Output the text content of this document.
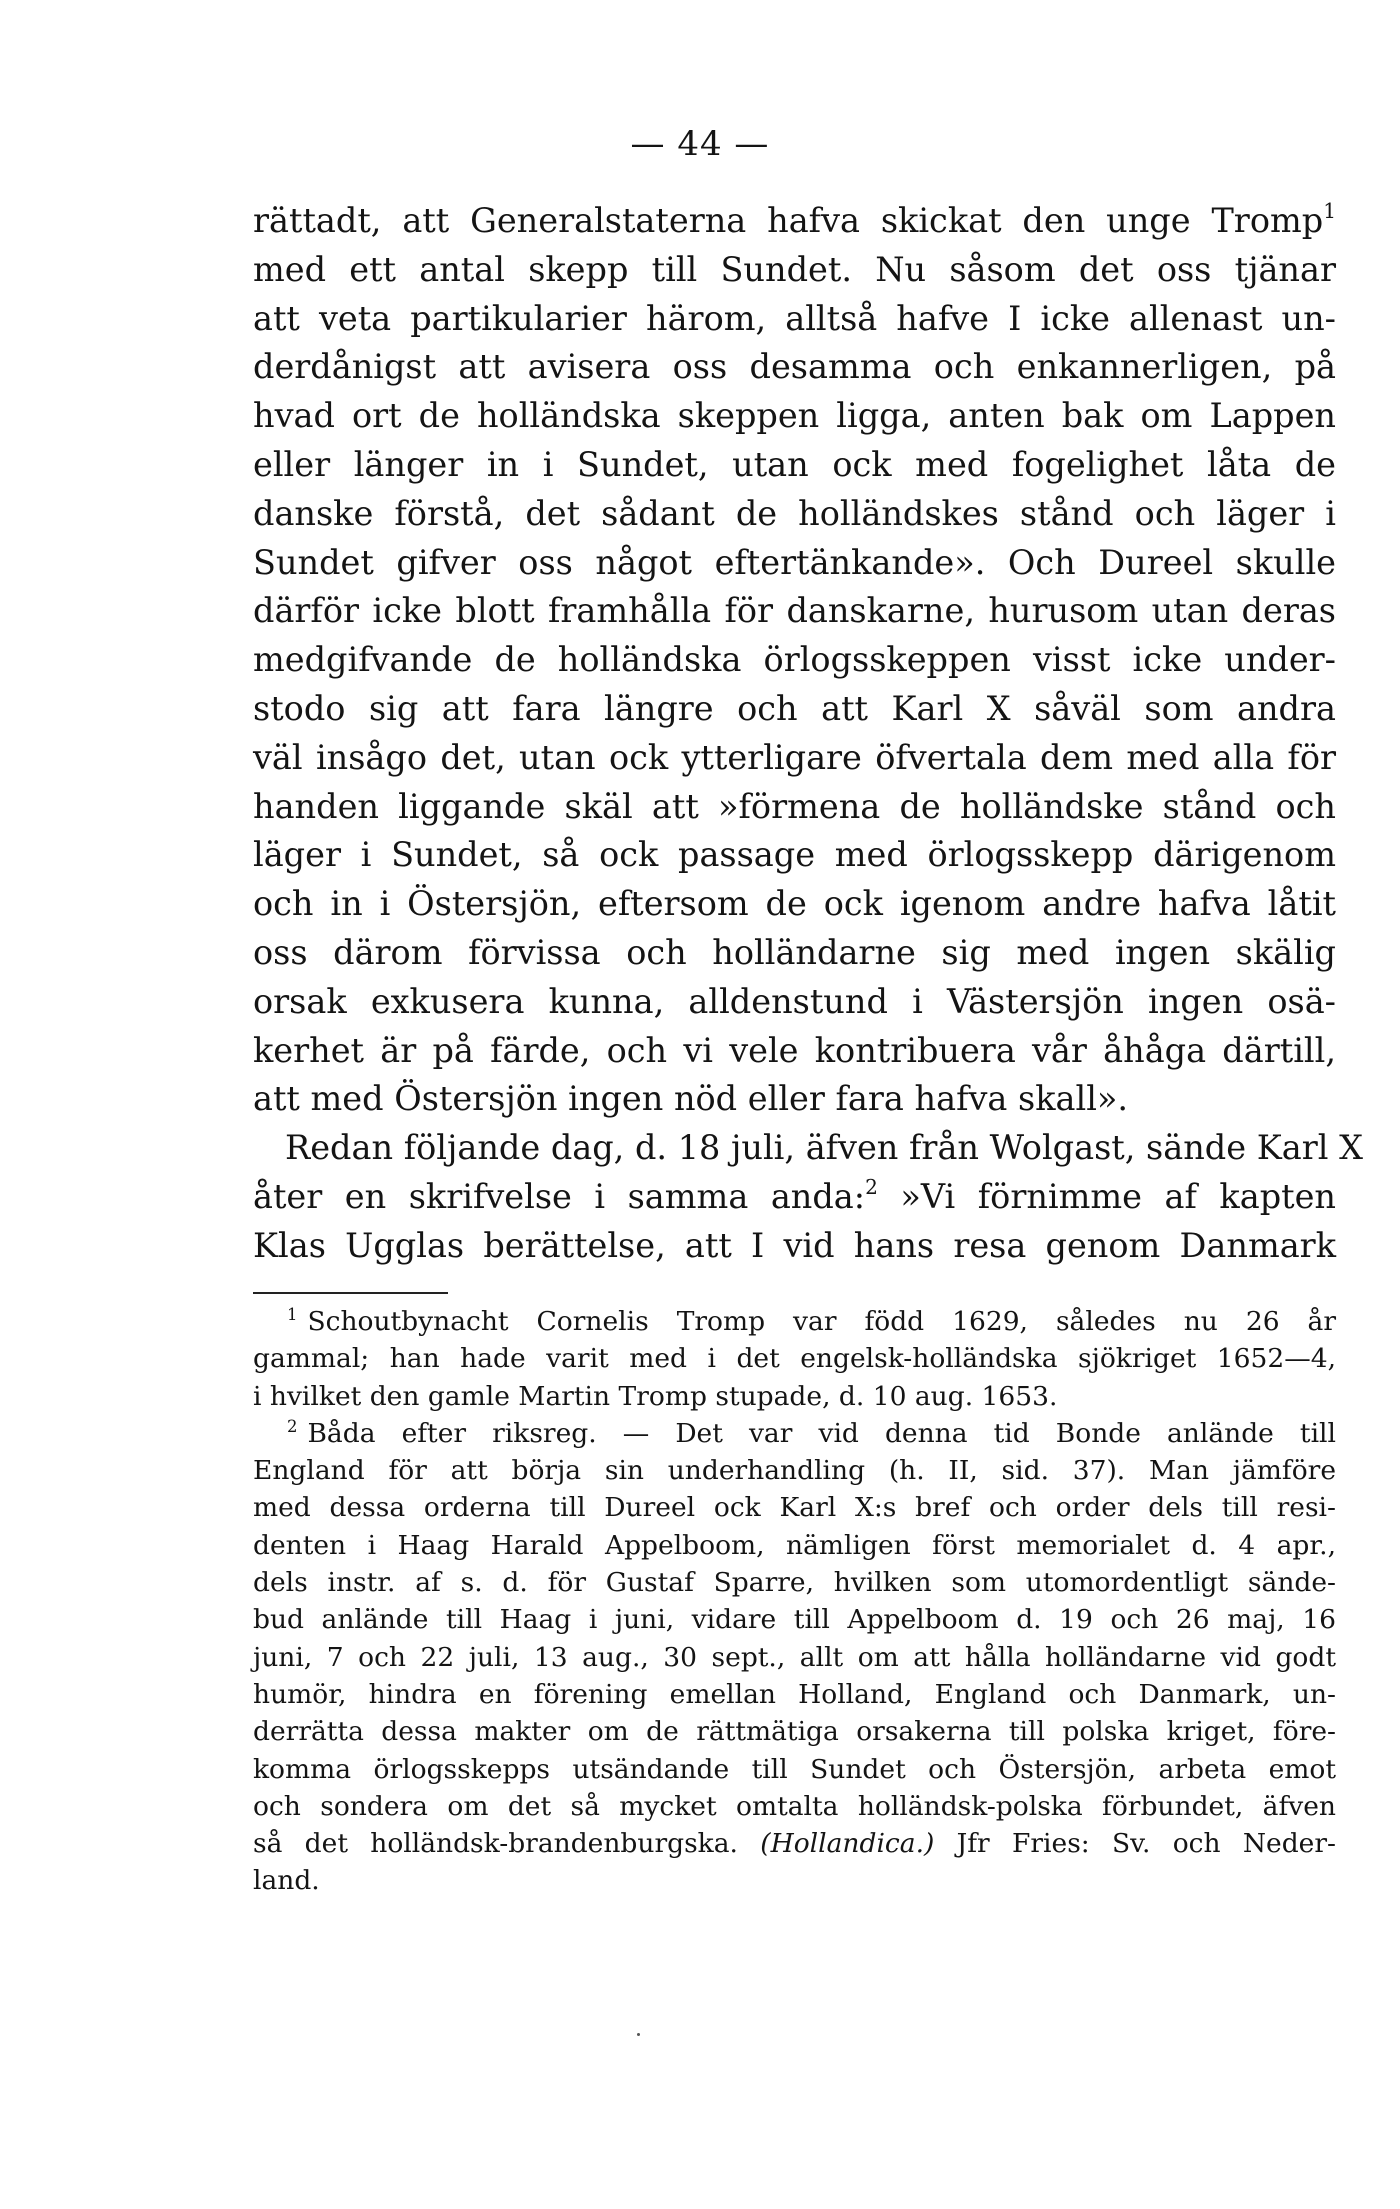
— 44 —
rättadt, att Generalstaterna hafva skickat den unge Tromp$^1$
med ett antal skepp till Sundet. Nu såsom det oss tjänar
att veta partikularier härom, alltså hafve I icke allenast un-
derdånigst att avisera oss desamma och enkannerligen, på
hvad ort de holländska skeppen ligga, anten bak om Lappen
eller länger in i Sundet, utan ock med fogelighet låta de
danske förstå, det sådant de holländskes stånd och läger i
Sundet gifver oss något eftertänkande». Och Dureel skulle
därför icke blott framhålla för danskarne, hurusom utan deras
medgifvande de holländska örlogsskeppen visst icke under-
stodo sig att fara längre och att Karl X såväl som andra
väl insågo det, utan ock ytterligare öfvertala dem med alla för
handen liggande skäl att »förmena de holländske stånd och
läger i Sundet, så ock passage med örlogsskepp därigenom
och in i Östersjön, eftersom de ock igenom andre hafva låtit
oss därom förvissa och holländarne sig med ingen skälig
orsak exkusera kunna, alldenstund i Västersjön ingen osä-
kerhet är på färde, och vi vele kontribuera vår åhåga därtill,
att med Östersjön ingen nöd eller fara hafva skall».
Redan följande dag, d. 18 juli, äfven från Wolgast, sände Karl X
åter en skrifvelse i samma anda:$^2$ »Vi förnimme af kapten
Klas Ugglas berättelse, att I vid hans resa genom Danmark
$^1$ Schoutbynacht Cornelis Tromp var född 1629, således nu 26 år
gammal; han hade varit med i det engelsk-holländska sjökriget 1652—4,
i hvilket den gamle Martin Tromp stupade, d. 10 aug. 1653.
$^2$ Båda efter riksreg. — Det var vid denna tid Bonde anlände till
England för att börja sin underhandling (h. II, sid. 37). Man jämföre
med dessa orderna till Dureel ock Karl X:s bref och order dels till resi-
denten i Haag Harald Appelboom, nämligen först memorialet d. 4 apr.,
dels instr. af s. d. för Gustaf Sparre, hvilken som utomordentligt sände-
bud anlände till Haag i juni, vidare till Appelboom d. 19 och 26 maj, 16
juni, 7 och 22 juli, 13 aug., 30 sept., allt om att hålla holländarne vid godt
humör, hindra en förening emellan Holland, England och Danmark, un-
derrätta dessa makter om de rättmätiga orsakerna till polska kriget, före-
komma örlogsskepps utsändande till Sundet och Östersjön, arbeta emot
och sondera om det så mycket omtalta holländsk-polska förbundet, äfven
så det holländsk-brandenburgska. (Hollandica.) Jfr Fries: Sv. och Neder-
land.
